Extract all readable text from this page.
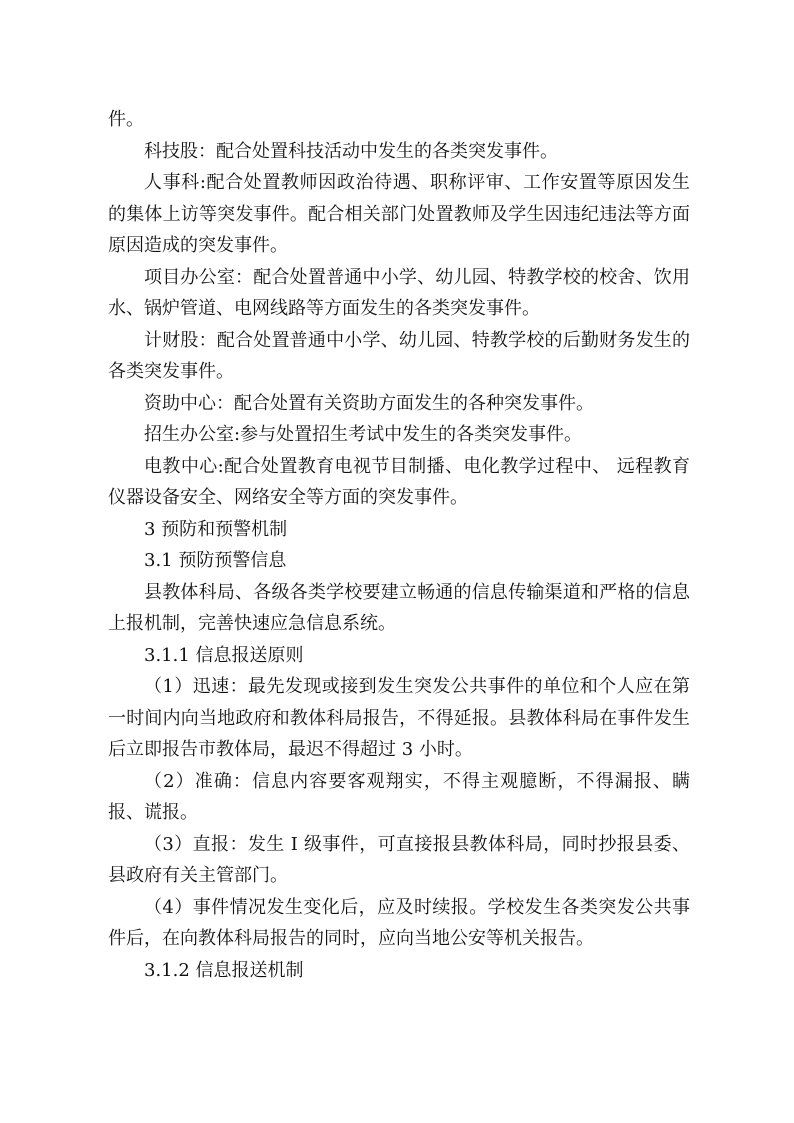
件。

科技股：配合处置科技活动中发生的各类突发事件。

人事科:配合处置教师因政治待遇、职称评审、工作安置等原因发生的集体上访等突发事件。配合相关部门处置教师及学生因违纪违法等方面原因造成的突发事件。

项目办公室：配合处置普通中小学、幼儿园、特教学校的校舍、饮用水、锅炉管道、电网线路等方面发生的各类突发事件。

计财股：配合处置普通中小学、幼儿园、特教学校的后勤财务发生的各类突发事件。

资助中心：配合处置有关资助方面发生的各种突发事件。

招生办公室:参与处置招生考试中发生的各类突发事件。

电教中心:配合处置教育电视节目制播、电化教学过程中、 远程教育仪器设备安全、网络安全等方面的突发事件。

3 预防和预警机制

3.1 预防预警信息

县教体科局、各级各类学校要建立畅通的信息传输渠道和严格的信息上报机制，完善快速应急信息系统。

3.1.1 信息报送原则

（1）迅速：最先发现或接到发生突发公共事件的单位和个人应在第一时间内向当地政府和教体科局报告，不得延报。县教体科局在事件发生后立即报告市教体局，最迟不得超过 3 小时。

（2）准确：信息内容要客观翔实，不得主观臆断，不得漏报、瞒报、谎报。

（3）直报：发生 I 级事件，可直接报县教体科局，同时抄报县委、县政府有关主管部门。

（4）事件情况发生变化后，应及时续报。学校发生各类突发公共事件后，在向教体科局报告的同时，应向当地公安等机关报告。

3.1.2 信息报送机制
